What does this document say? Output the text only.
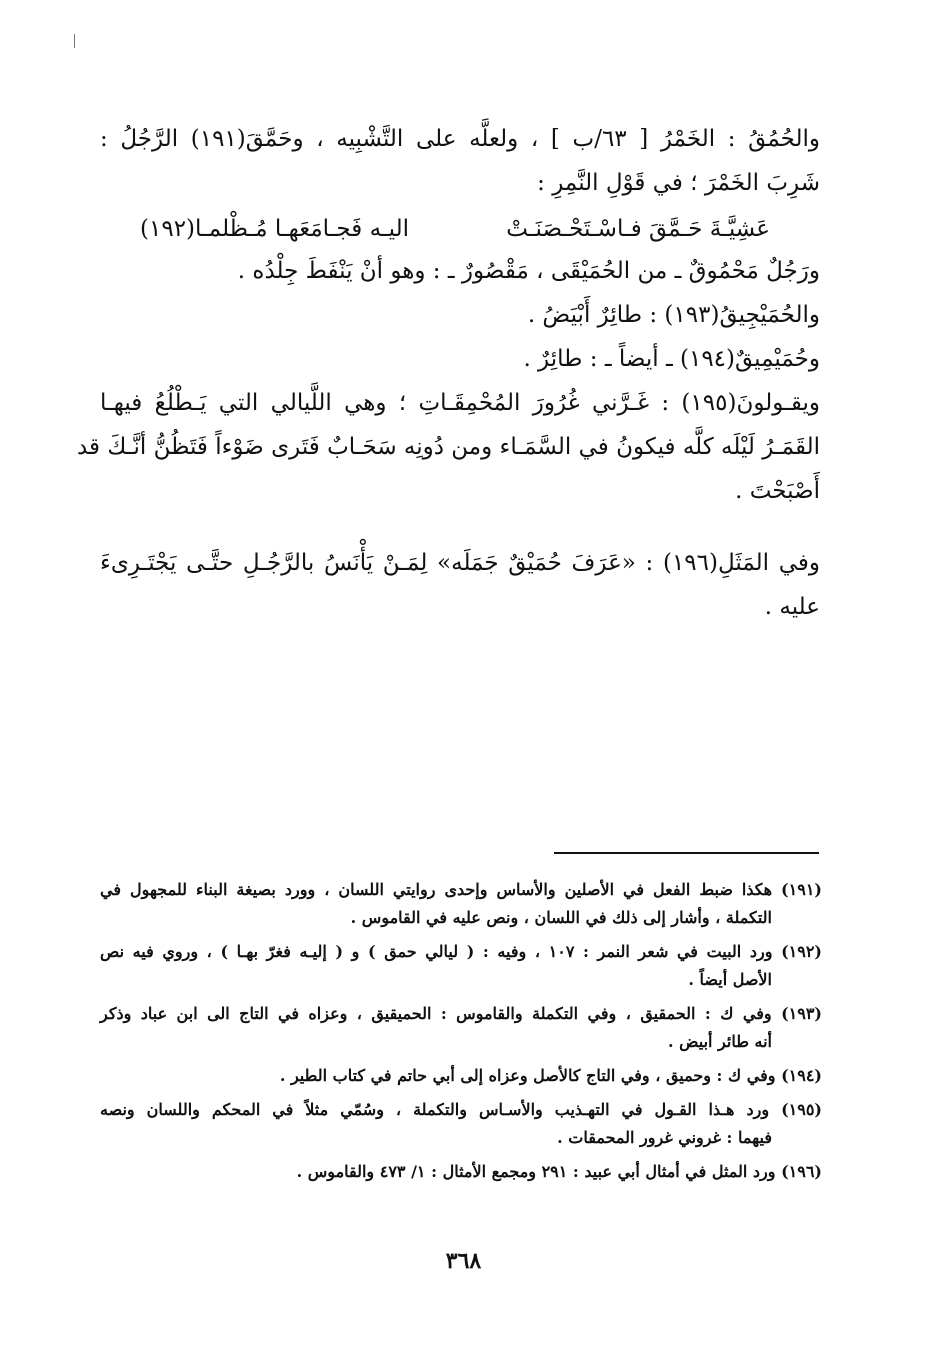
والحُمُقُ : الخَمْرُ [ ٦٣/ب ] ، ولعلَّه على التَّشْبِيه ، وحَمَّقَ(١٩١) الرَّجُلُ :
شَرِبَ الخَمْرَ ؛ في قَوْلِ النَّمِرِ :
عَشِيَّـةَ حَـمَّقَ فـاسْـتَحْـصَنَـتْ
اليـه فَجـامَعَهـا مُـظْلمـا(١٩٢)
ورَجُلٌ مَحْمُوقٌ ـ من الحُمَيْقَى ، مَقْصُورٌ ـ : وهو أنْ يَنْفَطَ جِلْدُه .
والحُمَيْجِيقُ(١٩٣) : طائِرٌ أَبْيَضُ .
وحُمَيْمِيقٌ(١٩٤) ـ أيضاً ـ : طائِرٌ .
ويقـولونَ(١٩٥) : غَـرَّني غُرُورَ المُحْمِقَـاتِ ؛ وهي اللَّيالي التي يَـطْلُعُ فيهـا
القَمَـرُ لَيْلَه كلَّه فيكونُ في السَّمَـاء ومن دُونِه سَحَـابٌ فَتَرى ضَوْءاً فَتَظُنُّ أنَّـكَ قد
أَصْبَحْتَ .
وفي المَثَلِ(١٩٦) : «عَرَفَ حُمَيْقٌ جَمَلَه» لِمَـنْ يَأْنَسُ بالرَّجُـلِ حتَّـى يَجْتَـرِىءَ
عليه .
(١٩١) هكذا ضبط الفعل في الأصلين والأساس وإحدى روايتي اللسان ، وورد بصيغة البناء للمجهول في
التكملة ، وأشار إلى ذلك في اللسان ، ونص عليه في القاموس .
(١٩٢) ورد البيت في شعر النمر : ١٠٧ ، وفيه : ( ليالي حمق ) و ( إليـه فغرّ بهـا ) ، وروي فيه نص
الأصل أيضاً .
(١٩٣) وفي ك : الحمقيق ، وفي التكملة والقاموس : الحميقيق ، وعزاه في التاج الى ابن عباد وذكر
أنه طائر أبيض .
(١٩٤) وفي ك : وحميق ، وفي التاج كالأصل وعزاه إلى أبي حاتم في كتاب الطير .
(١٩٥) ورد هـذا القـول في التهـذيب والأسـاس والتكملة ، وسُمّي مثلاً في المحكم واللسان ونصه
فيهما : غروني غرور المحمقات .
(١٩٦) ورد المثل في أمثال أبي عبيد : ٢٩١ ومجمع الأمثال : ١/ ٤٧٣ والقاموس .
٣٦٨
